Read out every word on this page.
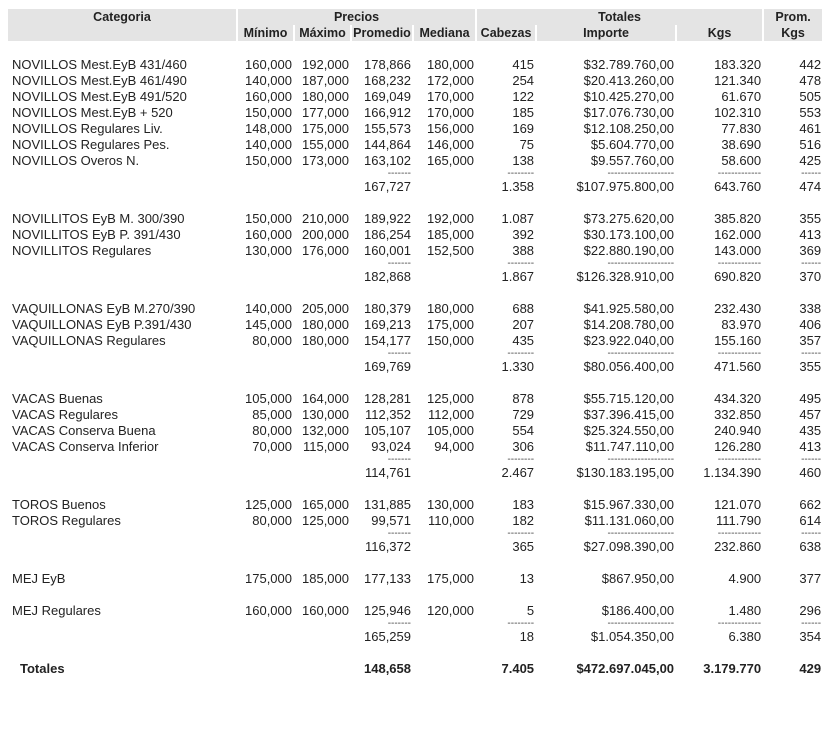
Categoria	Precios				Totales			Prom.
	Mínimo	Máximo	Promedio	Mediana	Cabezas	Importe	Kgs	Kgs

NOVILLOS Mest.EyB 431/460	160,000	192,000	178,866	180,000	415	$32.789.760,00	183.320	442
NOVILLOS Mest.EyB 461/490	140,000	187,000	168,232	172,000	254	$20.413.260,00	121.340	478
NOVILLOS Mest.EyB 491/520	160,000	180,000	169,049	170,000	122	$10.425.270,00	61.670	505
NOVILLOS Mest.EyB + 520	150,000	177,000	166,912	170,000	185	$17.076.730,00	102.310	553
NOVILLOS Regulares Liv.	148,000	175,000	155,573	156,000	169	$12.108.250,00	77.830	461
NOVILLOS Regulares Pes.	140,000	155,000	144,864	146,000	75	$5.604.770,00	38.690	516
NOVILLOS Overos N.	150,000	173,000	163,102	165,000	138	$9.557.760,00	58.600	425
			-------		--------	--------------------	-------------	------
			167,727		1.358	$107.975.800,00	643.760	474

NOVILLITOS EyB M. 300/390	150,000	210,000	189,922	192,000	1.087	$73.275.620,00	385.820	355
NOVILLITOS EyB P. 391/430	160,000	200,000	186,254	185,000	392	$30.173.100,00	162.000	413
NOVILLITOS Regulares	130,000	176,000	160,001	152,500	388	$22.880.190,00	143.000	369
			-------		--------	--------------------	-------------	------
			182,868		1.867	$126.328.910,00	690.820	370

VAQUILLONAS EyB M.270/390	140,000	205,000	180,379	180,000	688	$41.925.580,00	232.430	338
VAQUILLONAS EyB P.391/430	145,000	180,000	169,213	175,000	207	$14.208.780,00	83.970	406
VAQUILLONAS Regulares	80,000	180,000	154,177	150,000	435	$23.922.040,00	155.160	357
			-------		--------	--------------------	-------------	------
			169,769		1.330	$80.056.400,00	471.560	355

VACAS Buenas	105,000	164,000	128,281	125,000	878	$55.715.120,00	434.320	495
VACAS Regulares	85,000	130,000	112,352	112,000	729	$37.396.415,00	332.850	457
VACAS Conserva Buena	80,000	132,000	105,107	105,000	554	$25.324.550,00	240.940	435
VACAS Conserva Inferior	70,000	115,000	93,024	94,000	306	$11.747.110,00	126.280	413
			-------		--------	--------------------	-------------	------
			114,761		2.467	$130.183.195,00	1.134.390	460

TOROS Buenos	125,000	165,000	131,885	130,000	183	$15.967.330,00	121.070	662
TOROS Regulares	80,000	125,000	99,571	110,000	182	$11.131.060,00	111.790	614
			-------		--------	--------------------	-------------	------
			116,372		365	$27.098.390,00	232.860	638

MEJ EyB	175,000	185,000	177,133	175,000	13	$867.950,00	4.900	377

MEJ Regulares	160,000	160,000	125,946	120,000	5	$186.400,00	1.480	296
			-------		--------	--------------------	-------------	------
			165,259		18	$1.054.350,00	6.380	354

Totales			148,658		7.405	$472.697.045,00	3.179.770	429
